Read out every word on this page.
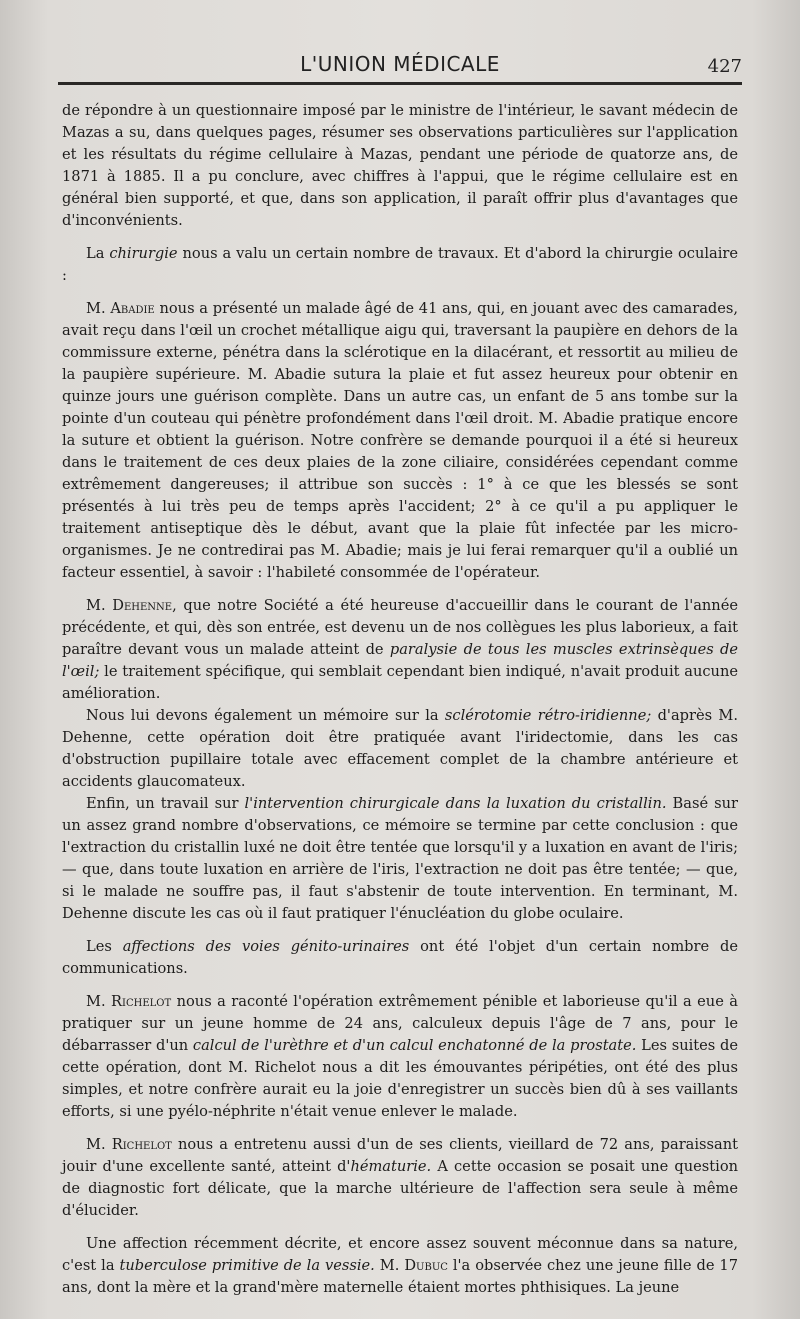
L'UNION MÉDICALE	427

de répondre à un questionnaire imposé par le ministre de l'intérieur, le savant médecin de Mazas a su, dans quelques pages, résumer ses observations particulières sur l'application et les résultats du régime cellulaire à Mazas, pendant une période de quatorze ans, de 1871 à 1885. Il a pu conclure, avec chiffres à l'appui, que le régime cellulaire est en général bien supporté, et que, dans son application, il paraît offrir plus d'avantages que d'inconvénients.

La chirurgie nous a valu un certain nombre de travaux. Et d'abord la chirurgie oculaire :

M. Abadie nous a présenté un malade âgé de 41 ans, qui, en jouant avec des camarades, avait reçu dans l'œil un crochet métallique aigu qui, traversant la paupière en dehors de la commissure externe, pénétra dans la sclérotique en la dilacérant, et ressortit au milieu de la paupière supérieure. M. Abadie sutura la plaie et fut assez heureux pour obtenir en quinze jours une guérison complète. Dans un autre cas, un enfant de 5 ans tombe sur la pointe d'un couteau qui pénètre profondément dans l'œil droit. M. Abadie pratique encore la suture et obtient la guérison. Notre confrère se demande pourquoi il a été si heureux dans le traitement de ces deux plaies de la zone ciliaire, considérées cependant comme extrêmement dangereuses; il attribue son succès : 1° à ce que les blessés se sont présentés à lui très peu de temps après l'accident; 2° à ce qu'il a pu appliquer le traitement antiseptique dès le début, avant que la plaie fût infectée par les micro-organismes. Je ne contredirai pas M. Abadie; mais je lui ferai remarquer qu'il a oublié un facteur essentiel, à savoir : l'habileté consommée de l'opérateur.

M. Dehenne, que notre Société a été heureuse d'accueillir dans le courant de l'année précédente, et qui, dès son entrée, est devenu un de nos collègues les plus laborieux, a fait paraître devant vous un malade atteint de paralysie de tous les muscles extrinsèques de l'œil; le traitement spécifique, qui semblait cependant bien indiqué, n'avait produit aucune amélioration.

Nous lui devons également un mémoire sur la sclérotomie rétro-iridienne; d'après M. Dehenne, cette opération doit être pratiquée avant l'iridectomie, dans les cas d'obstruction pupillaire totale avec effacement complet de la chambre antérieure et accidents glaucomateux.

Enfin, un travail sur l'intervention chirurgicale dans la luxation du cristallin. Basé sur un assez grand nombre d'observations, ce mémoire se termine par cette conclusion : que l'extraction du cristallin luxé ne doit être tentée que lorsqu'il y a luxation en avant de l'iris; — que, dans toute luxation en arrière de l'iris, l'extraction ne doit pas être tentée; — que, si le malade ne souffre pas, il faut s'abstenir de toute intervention. En terminant, M. Dehenne discute les cas où il faut pratiquer l'énucléation du globe oculaire.

Les affections des voies génito-urinaires ont été l'objet d'un certain nombre de communications.

M. Richelot nous a raconté l'opération extrêmement pénible et laborieuse qu'il a eue à pratiquer sur un jeune homme de 24 ans, calculeux depuis l'âge de 7 ans, pour le débarrasser d'un calcul de l'urèthre et d'un calcul enchatonné de la prostate. Les suites de cette opération, dont M. Richelot nous a dit les émouvantes péripéties, ont été des plus simples, et notre confrère aurait eu la joie d'enregistrer un succès bien dû à ses vaillants efforts, si une pyélo-néphrite n'était venue enlever le malade.

M. Richelot nous a entretenu aussi d'un de ses clients, vieillard de 72 ans, paraissant jouir d'une excellente santé, atteint d'hématurie. A cette occasion se posait une question de diagnostic fort délicate, que la marche ultérieure de l'affection sera seule à même d'élucider.

Une affection récemment décrite, et encore assez souvent méconnue dans sa nature, c'est la tuberculose primitive de la vessie. M. Dubuc l'a observée chez une jeune fille de 17 ans, dont la mère et la grand'mère maternelle étaient mortes phthisiques. La jeune
